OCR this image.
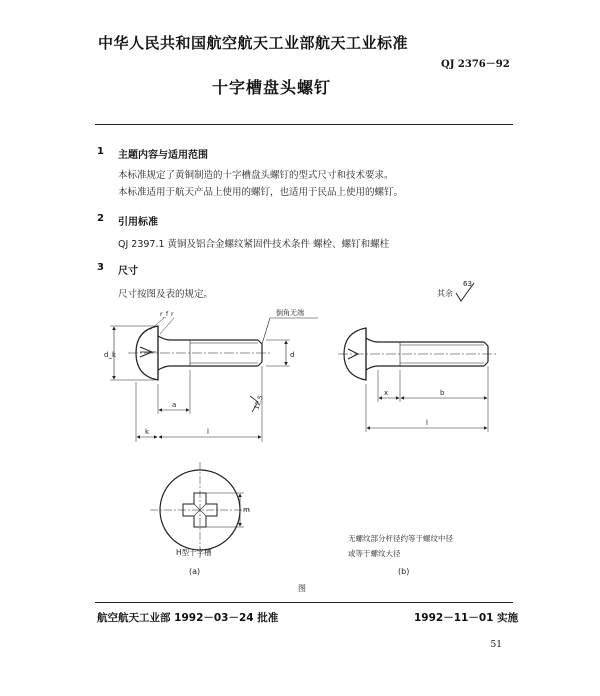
中华人民共和国航空航天工业部航天工业标准
QJ 2376－92
十字槽盘头螺钉
1 主题内容与适用范围
本标准规定了黄铜制造的十字槽盘头螺钉的型式尺寸和技术要求。
本标准适用于航天产品上使用的螺钉，也适用于民品上使用的螺钉。
2 引用标准
QJ 2397.1 黄铜及铝合金螺纹紧固件技术条件 螺栓、螺钉和螺柱
3 尺寸
尺寸按图及表的规定。	其余
63
d_k	d
倒角无端
r
r_f
a
k	l
12.5
x	b
l
m
H型十字槽
(a)
无螺纹部分杆径约等于螺纹中径
或等于螺纹大径
(b)
图
航空航天工业部 1992－03－24 批准	1992－11－01 实施
51
